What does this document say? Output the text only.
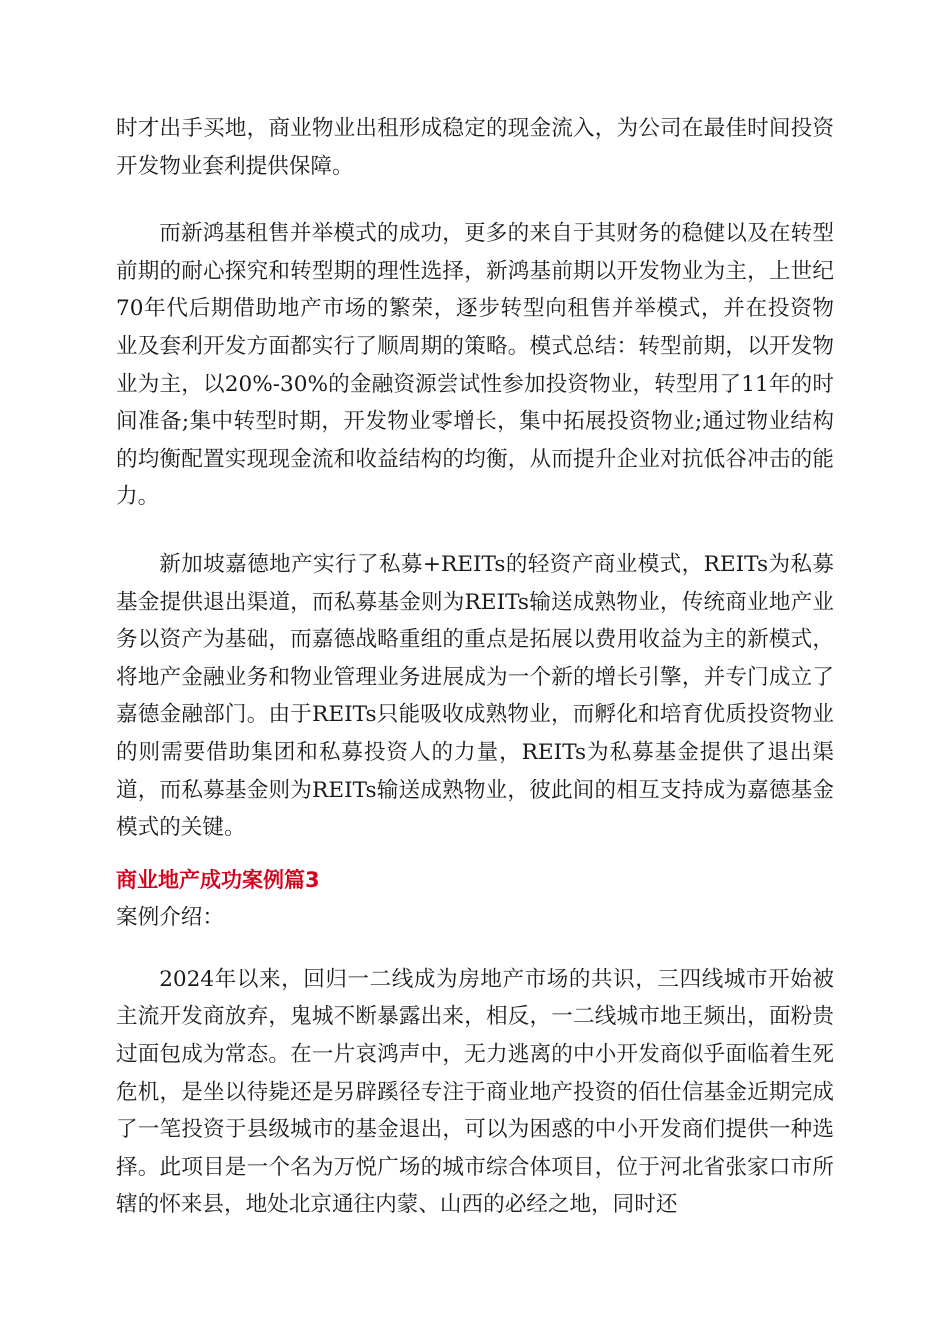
时才出手买地，商业物业出租形成稳定的现金流入，为公司在最佳时间投资开发物业套利提供保障。

而新鸿基租售并举模式的成功，更多的来自于其财务的稳健以及在转型前期的耐心探究和转型期的理性选择，新鸿基前期以开发物业为主，上世纪70年代后期借助地产市场的繁荣，逐步转型向租售并举模式，并在投资物业及套利开发方面都实行了顺周期的策略。模式总结：转型前期，以开发物业为主，以20%-30%的金融资源尝试性参加投资物业，转型用了11年的时间准备;集中转型时期，开发物业零增长，集中拓展投资物业;通过物业结构的均衡配置实现现金流和收益结构的均衡，从而提升企业对抗低谷冲击的能力。

新加坡嘉德地产实行了私募+REITs的轻资产商业模式，REITs为私募基金提供退出渠道，而私募基金则为REITs输送成熟物业，传统商业地产业务以资产为基础，而嘉德战略重组的重点是拓展以费用收益为主的新模式，将地产金融业务和物业管理业务进展成为一个新的增长引擎，并专门成立了嘉德金融部门。由于REITs只能吸收成熟物业，而孵化和培育优质投资物业的则需要借助集团和私募投资人的力量，REITs为私募基金提供了退出渠道，而私募基金则为REITs输送成熟物业，彼此间的相互支持成为嘉德基金模式的关键。

商业地产成功案例篇3

案例介绍：

2024年以来，回归一二线成为房地产市场的共识，三四线城市开始被主流开发商放弃，鬼城不断暴露出来，相反，一二线城市地王频出，面粉贵过面包成为常态。在一片哀鸿声中，无力逃离的中小开发商似乎面临着生死危机，是坐以待毙还是另辟蹊径专注于商业地产投资的佰仕信基金近期完成了一笔投资于县级城市的基金退出，可以为困惑的中小开发商们提供一种选择。此项目是一个名为万悦广场的城市综合体项目，位于河北省张家口市所辖的怀来县，地处北京通往内蒙、山西的必经之地，同时还
